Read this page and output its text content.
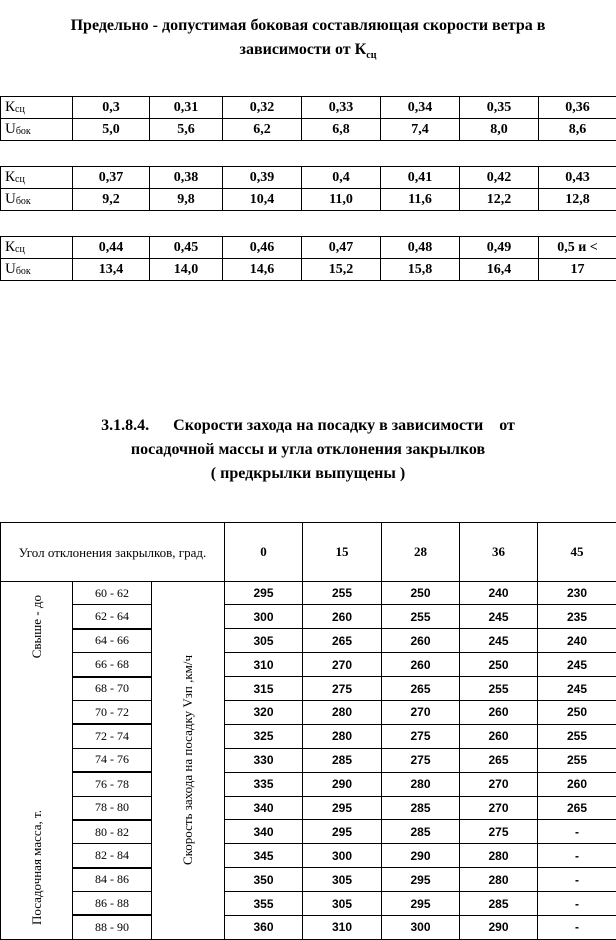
Предельно - допустимая боковая составляющая скорости ветра в
зависимости от $К_{сц}$
$К_{сц}$	0,3	0,31	0,32	0,33	0,34	0,35	0,36
$U_{бок}$	5,0	5,6	6,2	6,8	7,4	8,0	8,6
$К_{сц}$	0,37	0,38	0,39	0,4	0,41	0,42	0,43
$U_{бок}$	9,2	9,8	10,4	11,0	11,6	12,2	12,8
$К_{сц}$	0,44	0,45	0,46	0,47	0,48	0,49	0,5 и <
$U_{бок}$	13,4	14,0	14,6	15,2	15,8	16,4	17
3.1.8.4.      Скорости захода на посадку в зависимости    от
посадочной массы и угла отклонения закрылков
( предкрылки выпущены )
Угол отклонения закрылков, град.			0	15	28	36	45

Посадочная масса, т.
Свыше - до	60 - 62	Скорость захода на посадку Vзп ,км/ч	295	255	250	240	230
	62 - 64		300	260	255	245	235
	64 - 66		305	265	260	245	240
	66 - 68		310	270	260	250	245
	68 - 70		315	275	265	255	245
	70 - 72		320	280	270	260	250
	72 - 74		325	280	275	260	255
	74 - 76		330	285	275	265	255
	76 - 78		335	290	280	270	260
	78 - 80		340	295	285	270	265
	80 - 82		340	295	285	275	-
	82 - 84		345	300	290	280	-
	84 - 86		350	305	295	280	-
	86 - 88		355	305	295	285	-
	88 - 90		360	310	300	290	-
